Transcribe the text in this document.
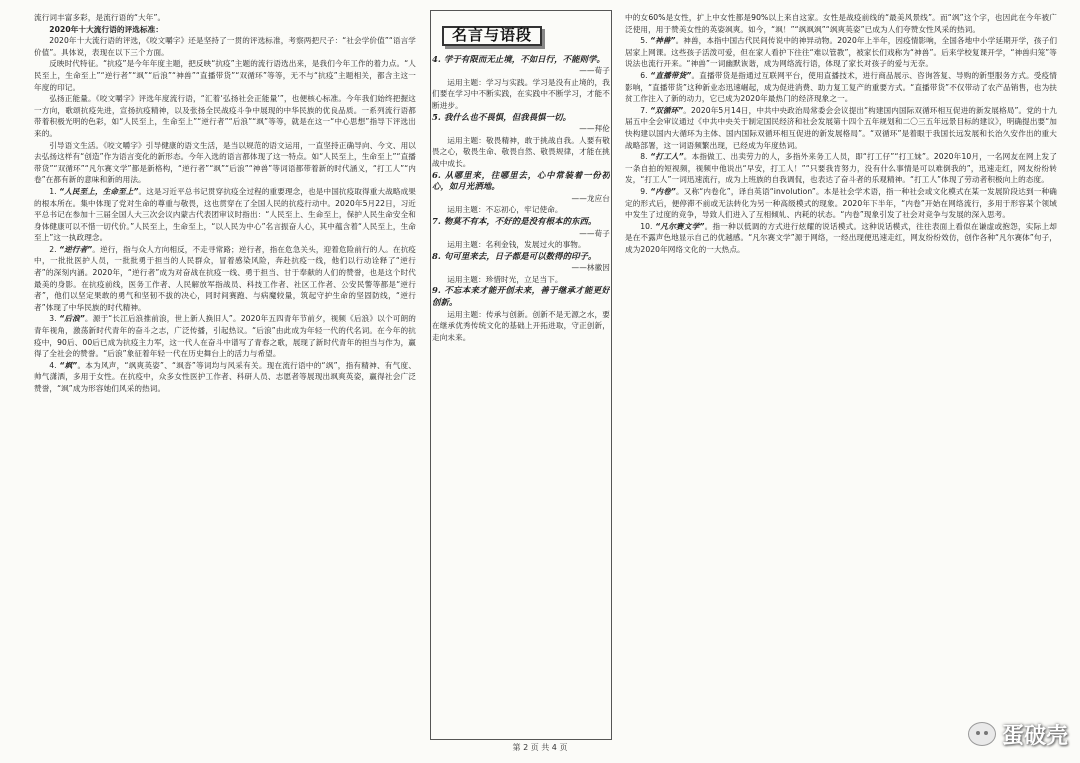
流行词丰富多彩，是流行语的“大年”。

2020年十大流行语的评选标准：

2020年十大流行语的评选，《咬文嚼字》还是坚持了一贯的评选标准，考察两把尺子：“社会学价值”“语言学价值”。具体说，表现在以下三个方面。

反映时代特征。“抗疫”是今年年度主题，把反映“抗疫”主题的流行语选出来，是我们今年工作的着力点。“人民至上，生命至上”“逆行者”“飒”“后浪”“神兽”“直播带货”“双循环”等等，无不与“抗疫”主题相关，都含主这一年度的印记。

弘扬正能量。《咬文嚼字》评选年度流行语，“汇着‘弘扬社会正能量’”，也便核心标准。今年我们始终把握这一方向，歌颂抗疫先进，宣扬抗疫精神，以及张扬全民战疫斗争中展现的中华民族的优良品质。一系列流行语都带着积极光明的色彩，如“人民至上，生命至上”“逆行者”“后浪”“飒”等等，就是在这一“中心思想”指导下评选出来的。

引导语文生活。《咬文嚼字》引导健康的语文生活，是当以规范的语文运用，一直坚持正确导向、今文、用以去弘扬这样有“创造”作为语言变化的新形态。今年入选的语言都体现了这一特点。如“人民至上，生命至上”“直播带货”“双循环”“凡尔赛文学”都是新格构，“逆行者”“飒”“后浪”“神兽”等词语都带着新的时代涵义，“打工人”“内卷”在都有新的意味和新的用法。

1. “人民至上，生命至上”。这是习近平总书记贯穿抗疫全过程的重要理念，也是中国抗疫取得重大战略成果的根本所在。集中体现了党对生命的尊重与敬畏，这也贯穿在了全国人民的抗疫行动中。2020年5月22日，习近平总书记在参加十三届全国人大三次会议内蒙古代表团审议时指出：“人民至上、生命至上，保护人民生命安全和身体健康可以不惜一切代价。”人民至上，生命至上，“以人民为中心”名言振奋人心，其中蕴含着“人民至上，生命至上”这一执政理念。

2. “逆行者”。逆行，指与众人方向相反，不走寻常路；逆行者，指在危急关头，迎着危险前行的人。在抗疫中，一批批医护人员，一批批勇于担当的人民群众，冒着感染风险，奔赴抗疫一线，他们以行动诠释了“逆行者”的深刻内涵。2020年，“逆行者”成为对奋战在抗疫一线、勇于担当、甘于奉献的人们的赞誉，也是这个时代最美的身影。在抗疫前线，医务工作者、人民解放军指战员、科技工作者、社区工作者、公安民警等都是“逆行者”，他们以坚定果敢的勇气和坚韧不拔的决心，同时间赛跑、与病魔较量，筑起守护生命的坚固防线，“逆行者”体现了中华民族的时代精神。

3. “后浪”。源于“长江后浪推前浪，世上新人换旧人”。2020年五四青年节前夕，视频《后浪》以个可朗的青年视角，激荡新时代青年的奋斗之志，广泛传播，引起热议。“后浪”由此成为年轻一代的代名词。在今年的抗疫中，90后、00后已成为抗疫主力军，这一代人在奋斗中谱写了青春之歌，展现了新时代青年的担当与作为，赢得了全社会的赞誉。“后浪”象征着年轻一代在历史舞台上的活力与希望。

4. “飒”。本为风声，“飒爽英姿”、“飒沓”等词均与风采有关。现在流行语中的“飒”，指有精神、有气度、帅气潇洒，多用于女性。在抗疫中，众多女性医护工作者、科研人员、志愿者等展现出飒爽英姿，赢得社会广泛赞誉，“飒”成为形容她们风采的热词。

名言与语段

4. 学于有限而无止境，不如日行，不能则学。

——荀子

运用主题：学习与实践。学习是没有止境的，我们要在学习中不断实践，在实践中不断学习，才能不断进步。

5. 我什么也不畏惧，但我畏惧一切。

——拜伦

运用主题：敬畏精神，敢于挑战自我。人要有敬畏之心，敬畏生命、敬畏自然、敬畏规律，才能在挑战中成长。

6. 从哪里来，往哪里去，心中常装着一份初心，如月光洒地。

——龙应台

运用主题：不忘初心，牢记使命。

7. 物莫不有本，不好的是没有根本的东西。

——荀子

运用主题：名利金钱，发展过火的事物。

8. 句可里来去，日子都是可以数得的印子。

——林徽因

运用主题：珍惜时光，立足当下。

9. 不忘本来才能开创未来，善于继承才能更好创新。

运用主题：传承与创新。创新不是无源之水，要在继承优秀传统文化的基础上开拓进取，守正创新，走向未来。

中的女60%是女性，扩上中女性都是90%以上来自这家。女性是战疫前线的“最美风景线”。而“飒”这个字，也因此在今年被广泛使用，用于赞美女性的英姿飒爽。如今，“飒！”“飒飒飒”“飒爽英姿”已成为人们夸赞女性风采的热词。

5. “神兽”。神兽，本指中国古代民间传说中的神异动物。2020年上半年，因疫情影响，全国各地中小学延期开学，孩子们居家上网课。这些孩子活泼可爱，但在家人看护下往往“难以管教”，被家长们戏称为“神兽”。后来学校复课开学，“神兽归笼”等说法也流行开来。“神兽”一词幽默诙谐，成为网络流行语，体现了家长对孩子的爱与无奈。

6. “直播带货”。直播带货是指通过互联网平台，使用直播技术，进行商品展示、咨询答复、导购的新型服务方式。受疫情影响，“直播带货”这种新业态迅速崛起，成为促进消费、助力复工复产的重要方式。“直播带货”不仅带动了农产品销售，也为扶贫工作注入了新的动力，它已成为2020年最热门的经济现象之一。

7. “双循环”。2020年5月14日，中共中央政治局常委会会议提出“构建国内国际双循环相互促进的新发展格局”。党的十九届五中全会审议通过《中共中央关于制定国民经济和社会发展第十四个五年规划和二〇三五年远景目标的建议》，明确提出要“加快构建以国内大循环为主体、国内国际双循环相互促进的新发展格局”。“双循环”是着眼于我国长远发展和长治久安作出的重大战略部署，这一词语频繁出现，已经成为年度热词。

8. “打工人”。本指做工、出卖劳力的人，多指外来务工人员，即“打工仔”“打工妹”。2020年10月，一名网友在网上发了一条自拍的短视频，视频中他说出“早安，打工人！”“只要我肯努力，没有什么事情是可以难倒我的”，迅速走红，网友纷纷转发，“打工人”一词迅速流行，成为上班族的自我调侃，也表达了奋斗者的乐观精神。“打工人”体现了劳动者积极向上的态度。

9. “内卷”。又称“内卷化”，译自英语“involution”。本是社会学术语，指一种社会或文化模式在某一发展阶段达到一种确定的形式后，便停滞不前或无法转化为另一种高级模式的现象。2020年下半年，“内卷”开始在网络流行，多用于形容某个领域中发生了过度的竞争，导致人们进入了互相倾轧、内耗的状态。“内卷”现象引发了社会对竞争与发展的深入思考。

10. “凡尔赛文学”。指一种以低调的方式进行炫耀的说话模式。这种说话模式，往往表面上看似在谦虚或抱怨，实际上却是在不露声色地显示自己的优越感。“凡尔赛文学”源于网络，一经出现便迅速走红，网友纷纷效仿，创作各种“凡尔赛体”句子，成为2020年网络文化的一大热点。

第 2 页 共 4 页	蛋破壳
